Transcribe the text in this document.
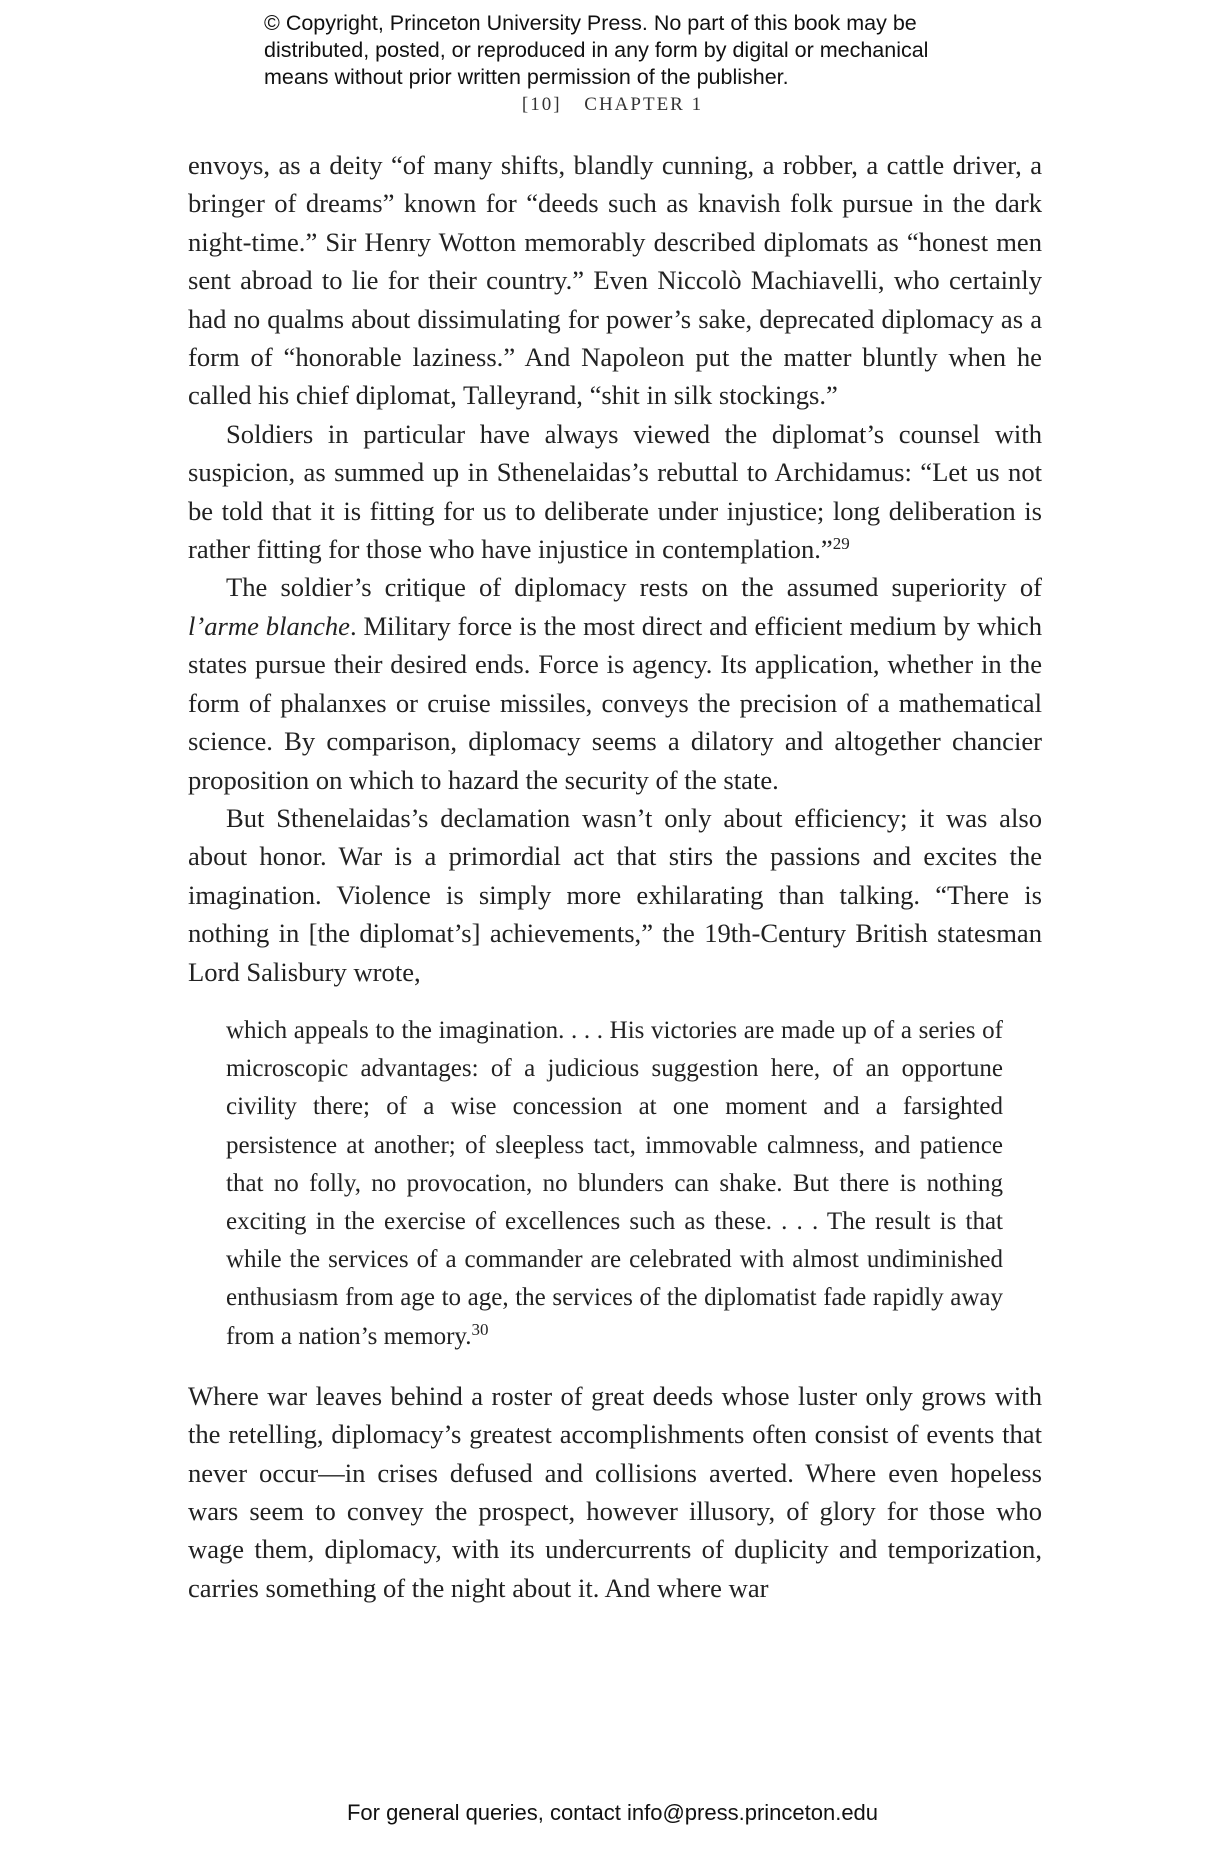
© Copyright, Princeton University Press. No part of this book may be
distributed, posted, or reproduced in any form by digital or mechanical
means without prior written permission of the publisher.
[10] CHAPTER 1

envoys, as a deity “of many shifts, blandly cunning, a robber, a cattle driver, a bringer of dreams” known for “deeds such as knavish folk pursue in the dark night-time.” Sir Henry Wotton memorably described diplomats as “honest men sent abroad to lie for their country.” Even Niccolò Machiavelli, who certainly had no qualms about dissimulating for power’s sake, deprecated diplomacy as a form of “honorable laziness.” And Napoleon put the matter bluntly when he called his chief diplomat, Talleyrand, “shit in silk stockings.”

Soldiers in particular have always viewed the diplomat’s counsel with suspicion, as summed up in Sthenelaidas’s rebuttal to Archidamus: “Let us not be told that it is fitting for us to deliberate under injustice; long deliberation is rather fitting for those who have injustice in contemplation.”$^{29}$

The soldier’s critique of diplomacy rests on the assumed superiority of l’arme blanche. Military force is the most direct and efficient medium by which states pursue their desired ends. Force is agency. Its application, whether in the form of phalanxes or cruise missiles, conveys the precision of a mathematical science. By comparison, diplomacy seems a dilatory and altogether chancier proposition on which to hazard the security of the state.

But Sthenelaidas’s declamation wasn’t only about efficiency; it was also about honor. War is a primordial act that stirs the passions and excites the imagination. Violence is simply more exhilarating than talking. “There is nothing in [the diplomat’s] achievements,” the 19th-Century British statesman Lord Salisbury wrote,

which appeals to the imagination. . . . His victories are made up of a series of microscopic advantages: of a judicious suggestion here, of an opportune civility there; of a wise concession at one moment and a farsighted persistence at another; of sleepless tact, immovable calmness, and patience that no folly, no provocation, no blunders can shake. But there is nothing exciting in the exercise of excellences such as these. . . . The result is that while the services of a commander are celebrated with almost undiminished enthusiasm from age to age, the services of the diplomatist fade rapidly away from a nation’s memory.$^{30}$

Where war leaves behind a roster of great deeds whose luster only grows with the retelling, diplomacy’s greatest accomplishments often consist of events that never occur—in crises defused and collisions averted. Where even hopeless wars seem to convey the prospect, however illusory, of glory for those who wage them, diplomacy, with its undercurrents of duplicity and temporization, carries something of the night about it. And where war

For general queries, contact info@press.princeton.edu
